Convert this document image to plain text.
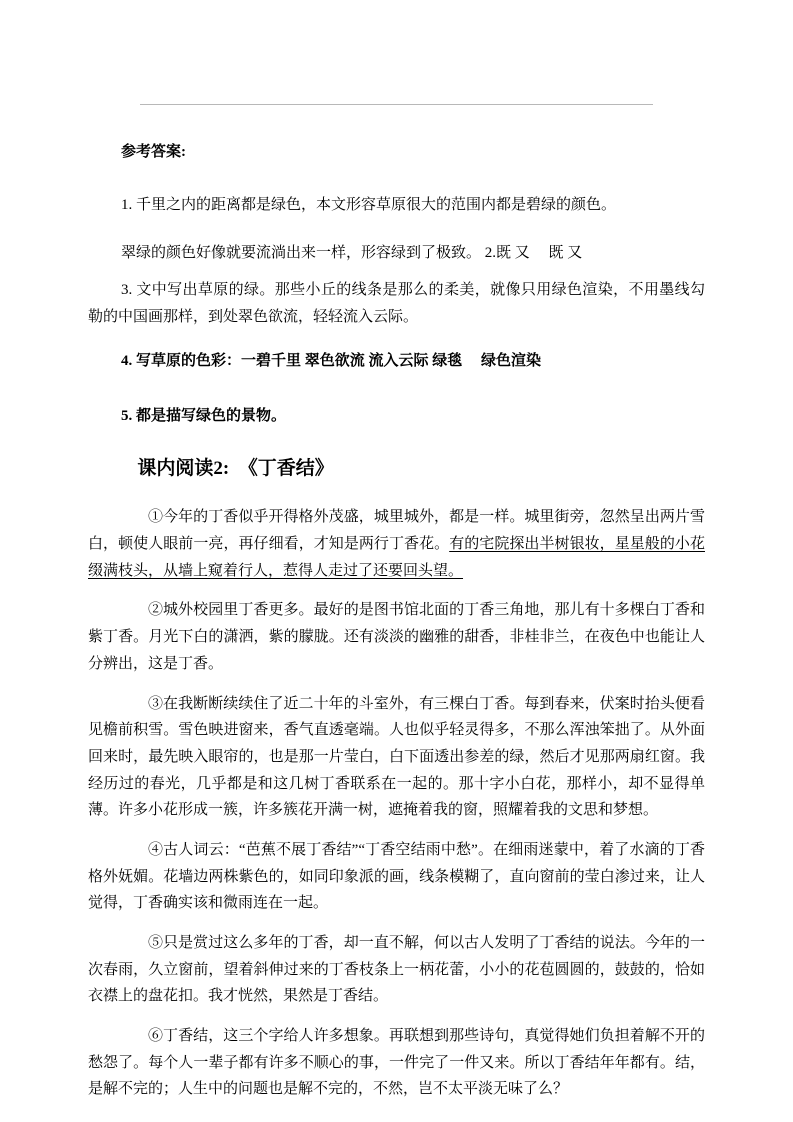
参考答案:

1. 千里之内的距离都是绿色，本文形容草原很大的范围内都是碧绿的颜色。

翠绿的颜色好像就要流淌出来一样，形容绿到了极致。 2.既 又　 既 又

3. 文中写出草原的绿。那些小丘的线条是那么的柔美，就像只用绿色渲染，不用墨线勾勒的中国画那样，到处翠色欲流，轻轻流入云际。

4. 写草原的色彩：一碧千里 翠色欲流 流入云际 绿毯　 绿色渲染

5. 都是描写绿色的景物。

课内阅读2:　《丁香结》

①今年的丁香似乎开得格外茂盛，城里城外，都是一样。城里街旁，忽然呈出两片雪白，顿使人眼前一亮，再仔细看，才知是两行丁香花。有的宅院探出半树银妆，星星般的小花缀满枝头，从墙上窥着行人，惹得人走过了还要回头望。

②城外校园里丁香更多。最好的是图书馆北面的丁香三角地，那儿有十多棵白丁香和紫丁香。月光下白的潇洒，紫的朦胧。还有淡淡的幽雅的甜香，非桂非兰，在夜色中也能让人分辨出，这是丁香。

③在我断断续续住了近二十年的斗室外，有三棵白丁香。每到春来，伏案时抬头便看见檐前积雪。雪色映进窗来，香气直透毫端。人也似乎轻灵得多，不那么浑浊笨拙了。从外面回来时，最先映入眼帘的，也是那一片莹白，白下面透出参差的绿，然后才见那两扇红窗。我经历过的春光，几乎都是和这几树丁香联系在一起的。那十字小白花，那样小，却不显得单薄。许多小花形成一簇，许多簇花开满一树，遮掩着我的窗，照耀着我的文思和梦想。

④古人词云：“芭蕉不展丁香结”“丁香空结雨中愁”。在细雨迷蒙中，着了水滴的丁香格外妩媚。花墙边两株紫色的，如同印象派的画，线条模糊了，直向窗前的莹白渗过来，让人觉得，丁香确实该和微雨连在一起。

⑤只是赏过这么多年的丁香，却一直不解，何以古人发明了丁香结的说法。今年的一次春雨，久立窗前，望着斜伸过来的丁香枝条上一柄花蕾，小小的花苞圆圆的，鼓鼓的，恰如衣襟上的盘花扣。我才恍然，果然是丁香结。

⑥丁香结，这三个字给人许多想象。再联想到那些诗句，真觉得她们负担着解不开的愁怨了。每个人一辈子都有许多不顺心的事，一件完了一件又来。所以丁香结年年都有。结，是解不完的；人生中的问题也是解不完的，不然，岂不太平淡无味了么？
